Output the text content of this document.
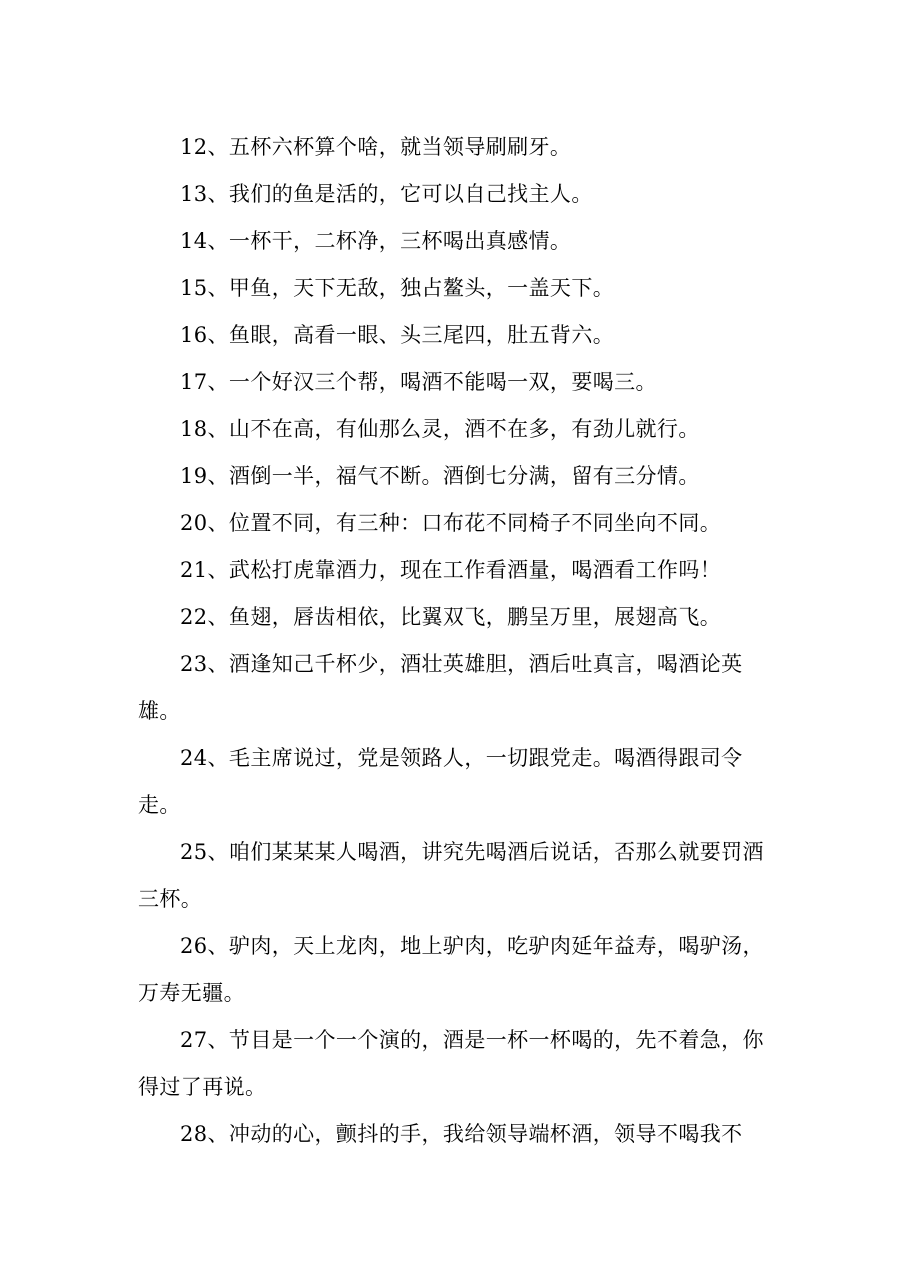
12、五杯六杯算个啥，就当领导刷刷牙。

13、我们的鱼是活的，它可以自己找主人。

14、一杯干，二杯净，三杯喝出真感情。

15、甲鱼，天下无敌，独占鳌头，一盖天下。

16、鱼眼，高看一眼、头三尾四，肚五背六。

17、一个好汉三个帮，喝酒不能喝一双，要喝三。

18、山不在高，有仙那么灵，酒不在多，有劲儿就行。

19、酒倒一半，福气不断。酒倒七分满，留有三分情。

20、位置不同，有三种：口布花不同椅子不同坐向不同。

21、武松打虎靠酒力，现在工作看酒量，喝酒看工作吗！

22、鱼翅，唇齿相依，比翼双飞，鹏呈万里，展翅高飞。

23、酒逢知己千杯少，酒壮英雄胆，酒后吐真言，喝酒论英雄。

24、毛主席说过，党是领路人，一切跟党走。喝酒得跟司令走。

25、咱们某某某人喝酒，讲究先喝酒后说话，否那么就要罚酒三杯。

26、驴肉，天上龙肉，地上驴肉，吃驴肉延年益寿，喝驴汤，万寿无疆。

27、节目是一个一个演的，酒是一杯一杯喝的，先不着急，你得过了再说。

28、冲动的心，颤抖的手，我给领导端杯酒，领导不喝我不
